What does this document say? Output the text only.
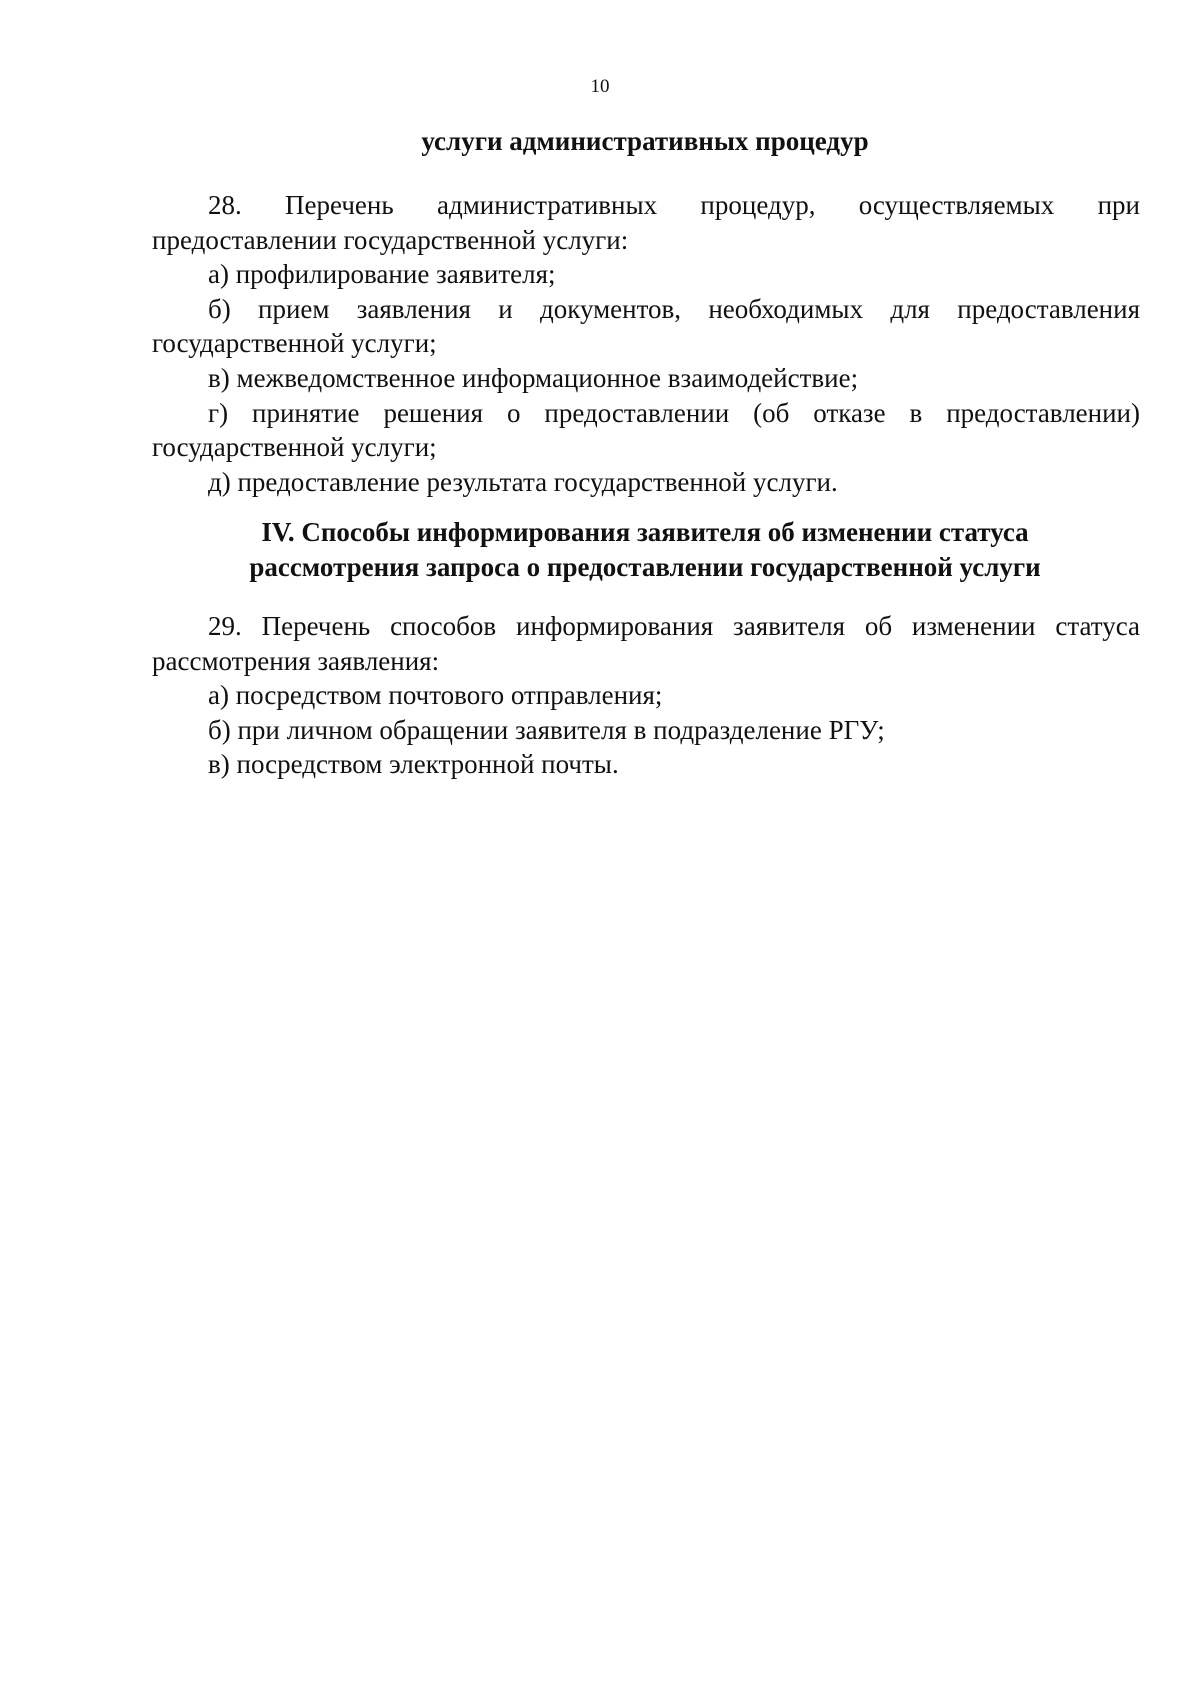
10
услуги административных процедур

28. Перечень административных процедур, осуществляемых при предоставлении государственной услуги:

а) профилирование заявителя;

б) прием заявления и документов, необходимых для предоставления государственной услуги;

в) межведомственное информационное взаимодействие;

г) принятие решения о предоставлении (об отказе в предоставлении) государственной услуги;

д) предоставление результата государственной услуги.

IV. Способы информирования заявителя об изменении статуса
рассмотрения запроса о предоставлении государственной услуги

29. Перечень способов информирования заявителя об изменении статуса рассмотрения заявления:

а) посредством почтового отправления;

б) при личном обращении заявителя в подразделение РГУ;

в) посредством электронной почты.
